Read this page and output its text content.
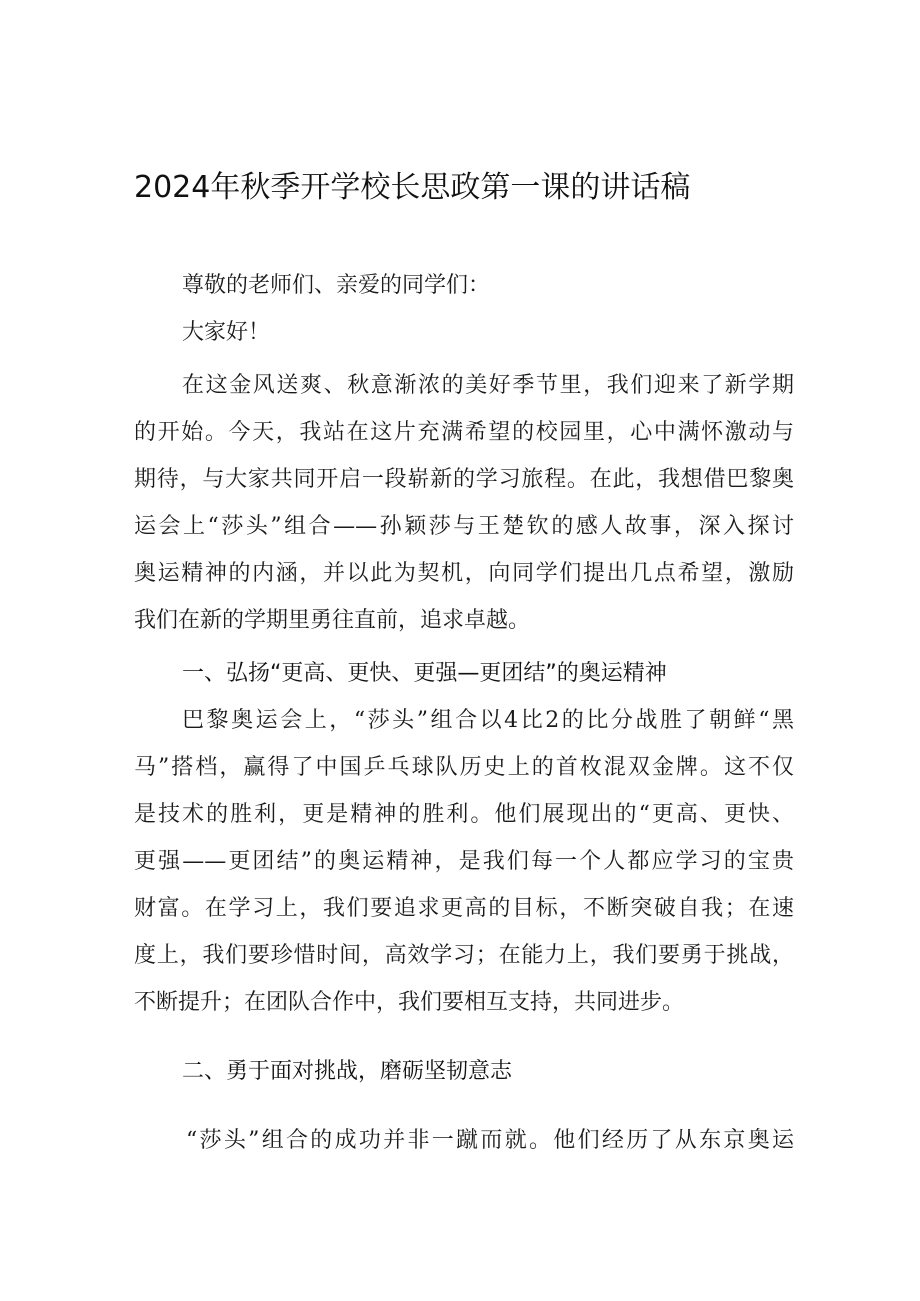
2024年秋季开学校长思政第一课的讲话稿
尊敬的老师们、亲爱的同学们：
大家好！
在这金风送爽、秋意渐浓的美好季节里，我们迎来了新学期
的开始。今天，我站在这片充满希望的校园里，心中满怀激动与
期待，与大家共同开启一段崭新的学习旅程。在此，我想借巴黎奥
运会上“莎头”组合——孙颖莎与王楚钦的感人故事，深入探讨
奥运精神的内涵，并以此为契机，向同学们提出几点希望，激励
我们在新的学期里勇往直前，追求卓越。
一、弘扬“更高、更快、更强—更团结”的奥运精神
巴黎奥运会上，“莎头”组合以4比2的比分战胜了朝鲜“黑
马”搭档，赢得了中国乒乓球队历史上的首枚混双金牌。这不仅
是技术的胜利，更是精神的胜利。他们展现出的“更高、更快、
更强——更团结”的奥运精神，是我们每一个人都应学习的宝贵
财富。在学习上，我们要追求更高的目标，不断突破自我；在速
度上，我们要珍惜时间，高效学习；在能力上，我们要勇于挑战，
不断提升；在团队合作中，我们要相互支持，共同进步。
二、勇于面对挑战，磨砺坚韧意志
“莎头”组合的成功并非一蹴而就。他们经历了从东京奥运
